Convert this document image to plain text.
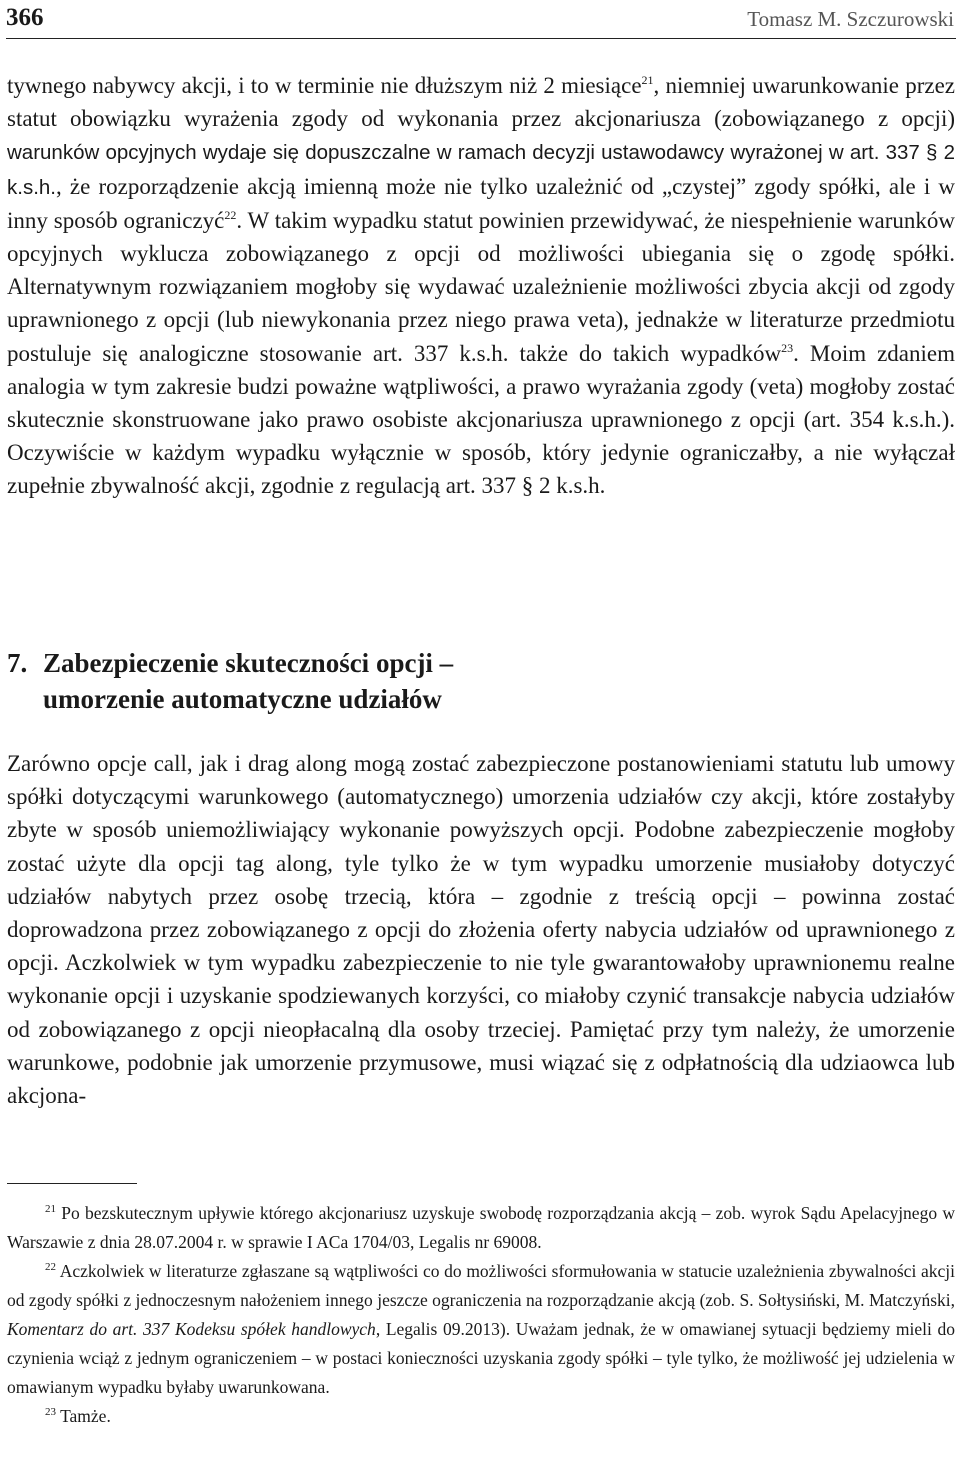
366	Tomasz M. Szczurowski

tywnego nabywcy akcji, i to w terminie nie dłuższym niż 2 miesiące$^{21}$, niemniej uwarunkowanie przez statut obowiązku wyrażenia zgody od wykonania przez akcjonariusza (zobowiązanego z opcji) warunków opcyjnych wydaje się dopuszczalne w ramach decyzji ustawodawcy wyrażonej w art. 337 § 2 k.s.h., że rozporządzenie akcją imienną może nie tylko uzależnić od „czystej” zgody spółki, ale i w inny sposób ograniczyć$^{22}$. W takim wypadku statut powinien przewidywać, że niespełnienie warunków opcyjnych wyklucza zobowiązanego z opcji od możliwości ubiegania się o zgodę spółki. Alternatywnym rozwiązaniem mogłoby się wydawać uzależnienie możliwości zbycia akcji od zgody uprawnionego z opcji (lub niewykonania przez niego prawa veta), jednakże w literaturze przedmiotu postuluje się analogiczne stosowanie art. 337 k.s.h. także do takich wypadków$^{23}$. Moim zdaniem analogia w tym zakresie budzi poważne wątpliwości, a prawo wyrażania zgody (veta) mogłoby zostać skutecznie skonstruowane jako prawo osobiste akcjonariusza uprawnionego z opcji (art. 354 k.s.h.). Oczywiście w każdym wypadku wyłącznie w sposób, który jedynie ograniczałby, a nie wyłączał zupełnie zbywalność akcji, zgodnie z regulacją art. 337 § 2 k.s.h.

7. Zabezpieczenie skuteczności opcji –
umorzenie automatyczne udziałów

Zarówno opcje call, jak i drag along mogą zostać zabezpieczone postanowieniami statutu lub umowy spółki dotyczącymi warunkowego (automatycznego) umorzenia udziałów czy akcji, które zostałyby zbyte w sposób uniemożliwiający wykonanie powyższych opcji. Podobne zabezpieczenie mogłoby zostać użyte dla opcji tag along, tyle tylko że w tym wypadku umorzenie musiałoby dotyczyć udziałów nabytych przez osobę trzecią, która – zgodnie z treścią opcji – powinna zostać doprowadzona przez zobowiązanego z opcji do złożenia oferty nabycia udziałów od uprawnionego z opcji. Aczkolwiek w tym wypadku zabezpieczenie to nie tyle gwarantowałoby uprawnionemu realne wykonanie opcji i uzyskanie spodziewanych korzyści, co miałoby czynić transakcje nabycia udziałów od zobowiązanego z opcji nieopłacalną dla osoby trzeciej. Pamiętać przy tym należy, że umorzenie warunkowe, podobnie jak umorzenie przymusowe, musi wiązać się z odpłatnością dla udziaowca lub akcjona-

$^{21}$ Po bezskutecznym upływie którego akcjonariusz uzyskuje swobodę rozporządzania akcją – zob. wyrok Sądu Apelacyjnego w Warszawie z dnia 28.07.2004 r. w sprawie I ACa 1704/03, Legalis nr 69008.

$^{22}$ Aczkolwiek w literaturze zgłaszane są wątpliwości co do możliwości sformułowania w statucie uzależnienia zbywalności akcji od zgody spółki z jednoczesnym nałożeniem innego jeszcze ograniczenia na rozporządzanie akcją (zob. S. Sołtysiński, M. Matczyński, Komentarz do art. 337 Kodeksu spółek handlowych, Legalis 09.2013). Uważam jednak, że w omawianej sytuacji będziemy mieli do czynienia wciąż z jednym ograniczeniem – w postaci konieczności uzyskania zgody spółki – tyle tylko, że możliwość jej udzielenia w omawianym wypadku byłaby uwarunkowana.

$^{23}$ Tamże.
